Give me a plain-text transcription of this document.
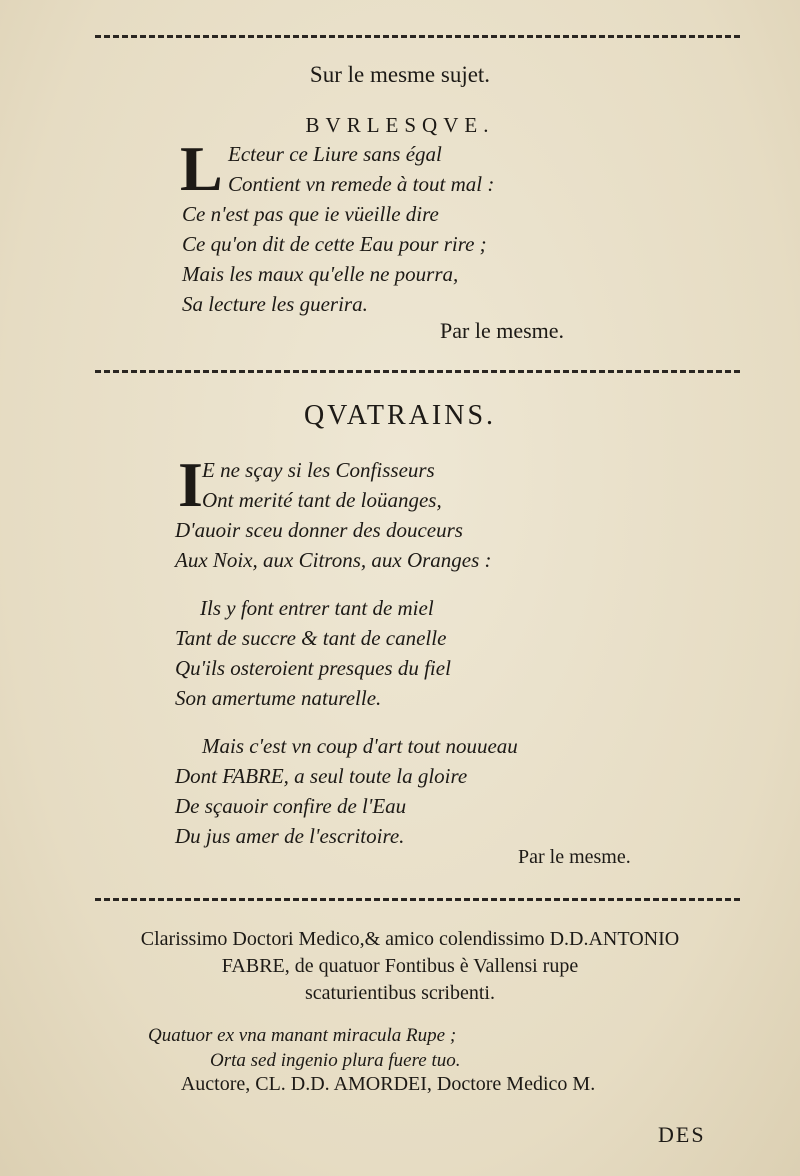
Sur le mesme sujet.
BVRLESQVE.
L Ecteur ce Liure sans égal
Contient vn remede à tout mal :
Ce n'est pas que ie vüeille dire
Ce qu'on dit de cette Eau pour rire ;
Mais les maux qu'elle ne pourra,
Sa lecture les guerira.
Par le mesme.
QVATRAINS.
I E ne sçay si les Confisseurs
Ont merité tant de loüanges,
D'auoir sceu donner des douceurs
Aux Noix, aux Citrons, aux Oranges :
Ils y font entrer tant de miel
Tant de succre & tant de canelle
Qu'ils osteroient presques du fiel
Son amertume naturelle.
Mais c'est vn coup d'art tout nouueau
Dont FABRE, a seul toute la gloire
De sçauoir confire de l'Eau
Du jus amer de l'escritoire.
Par le mesme.
Clarissimo Doctori Medico,& amico colendissimo D.D.ANTONIO
FABRE, de quatuor Fontibus è Vallensi rupe
scaturientibus scribenti.
Quatuor ex vna manant miracula Rupe ;
Orta sed ingenio plura fuere tuo.
Auctore, CL. D.D. AMORDEI, Doctore Medico M.
DES
